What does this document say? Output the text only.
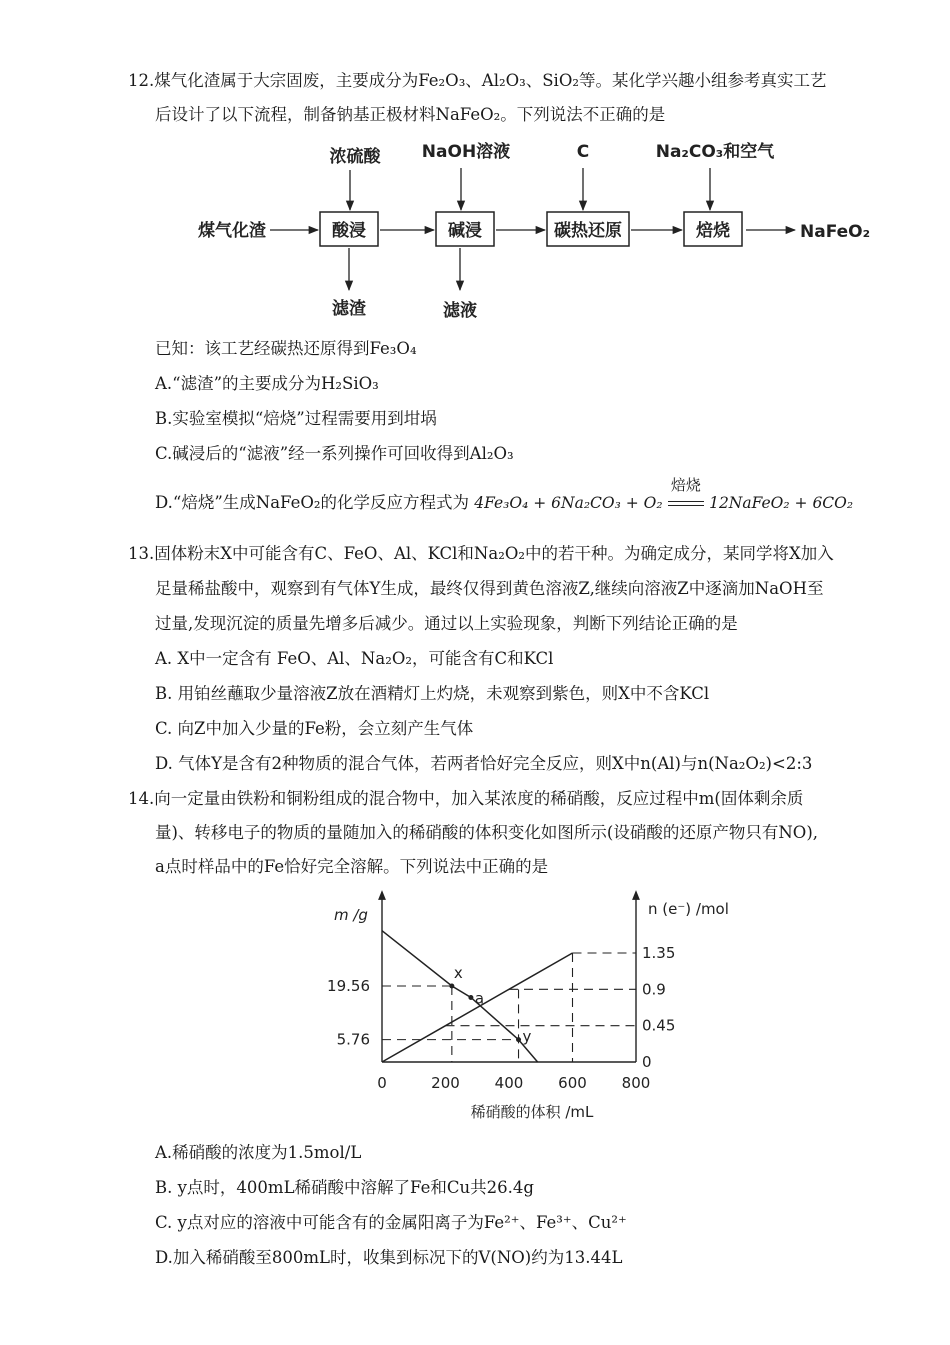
12.煤气化渣属于大宗固废，主要成分为Fe₂O₃、Al₂O₃、SiO₂等。某化学兴趣小组参考真实工艺
后设计了以下流程，制备钠基正极材料NaFeO₂。下列说法不正确的是
浓硫酸 NaOH溶液	C	Na₂CO₃和空气
煤气化渣	酸浸	碱浸	碳热还原	焙烧	NaFeO₂
滤渣	滤液
已知：该工艺经碳热还原得到Fe₃O₄
A.“滤渣”的主要成分为H₂SiO₃
B.实验室模拟“焙烧”过程需要用到坩埚
C.碱浸后的“滤液”经一系列操作可回收得到Al₂O₃
D.“焙烧”生成NaFeO₂的化学反应方程式为 4Fe₃O₄ + 6Na₂CO₃ + O₂
焙烧
12NaFeO₂ + 6CO₂
13.固体粉末X中可能含有C、FeO、Al、KCl和Na₂O₂中的若干种。为确定成分，某同学将X加入
足量稀盐酸中，观察到有气体Y生成，最终仅得到黄色溶液Z,继续向溶液Z中逐滴加NaOH至
过量,发现沉淀的质量先增多后减少。通过以上实验现象，判断下列结论正确的是
A. X中一定含有 FeO、Al、Na₂O₂，可能含有C和KCl
B. 用铂丝蘸取少量溶液Z放在酒精灯上灼烧，未观察到紫色，则X中不含KCl
C. 向Z中加入少量的Fe粉，会立刻产生气体
D. 气体Y是含有2种物质的混合气体，若两者恰好完全反应，则X中n(Al)与n(Na₂O₂)<2:3
14.向一定量由铁粉和铜粉组成的混合物中，加入某浓度的稀硝酸，反应过程中m(固体剩余质
量)、转移电子的物质的量随加入的稀硝酸的体积变化如图所示(设硝酸的还原产物只有NO),
a点时样品中的Fe恰好完全溶解。下列说法中正确的是
m /g	n (e⁻) /mol
稀硝酸的体积 /mL
0	200 400 600 800
19.56
5.76
1.35
0.9
0.45
0
x
a
y
A.稀硝酸的浓度为1.5mol/L
B. y点时，400mL稀硝酸中溶解了Fe和Cu共26.4g
C. y点对应的溶液中可能含有的金属阳离子为Fe²⁺、Fe³⁺、Cu²⁺
D.加入稀硝酸至800mL时，收集到标况下的V(NO)约为13.44L
